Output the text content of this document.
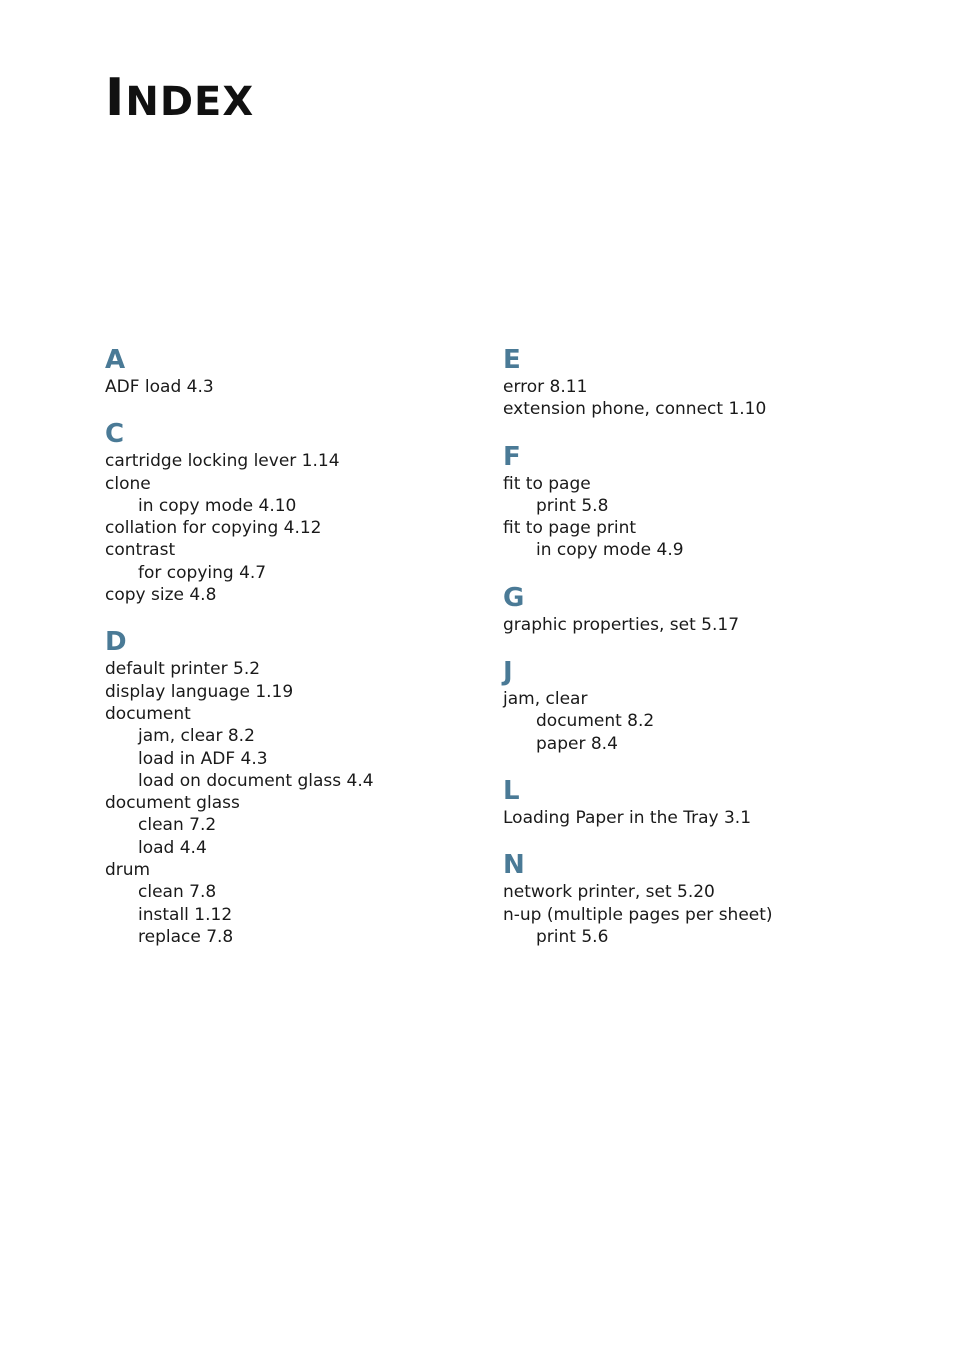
INDEX
A
ADF load 4.3
C
cartridge locking lever 1.14
clone
in copy mode 4.10
collation for copying 4.12
contrast
for copying 4.7
copy size 4.8
D
default printer 5.2
display language 1.19
document
jam, clear 8.2
load in ADF 4.3
load on document glass 4.4
document glass
clean 7.2
load 4.4
drum
clean 7.8
install 1.12
replace 7.8
E
error 8.11
extension phone, connect 1.10
F
fit to page
print 5.8
fit to page print
in copy mode 4.9
G
graphic properties, set 5.17
J
jam, clear
document 8.2
paper 8.4
L
Loading Paper in the Tray 3.1
N
network printer, set 5.20
n-up (multiple pages per sheet)
print 5.6
